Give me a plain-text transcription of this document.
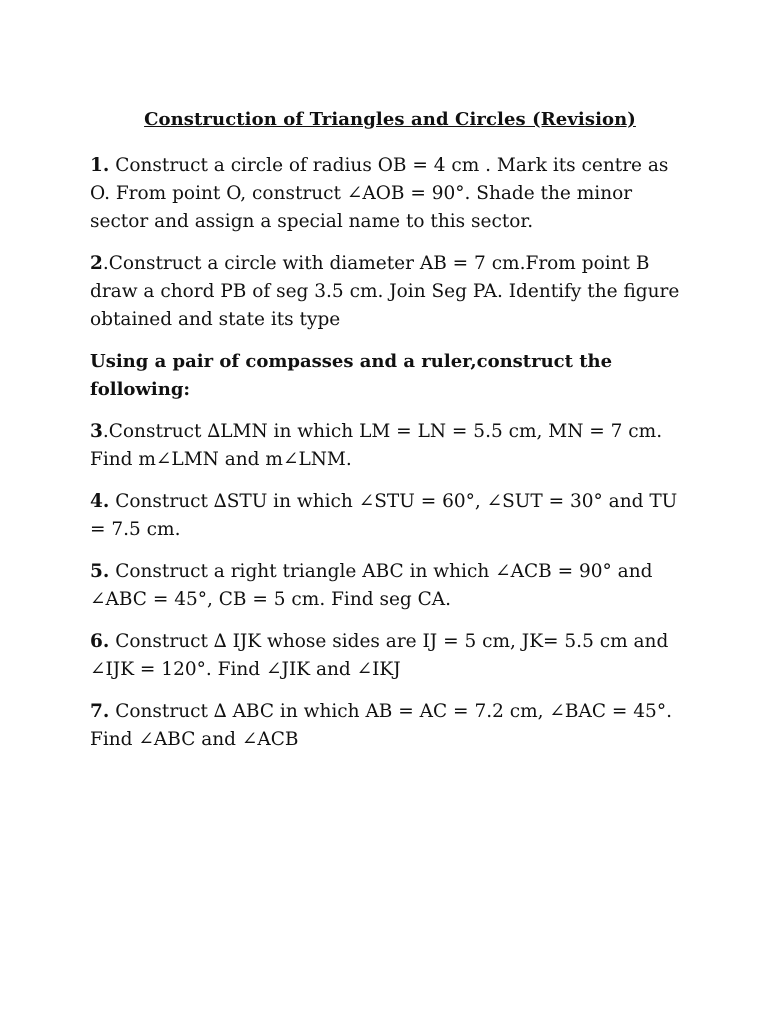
Construction of Triangles and Circles (Revision)

1. Construct a circle of radius OB = 4 cm . Mark its centre as O. From point O, construct ∠AOB = 90°. Shade the minor sector and assign a special name to this sector.

2.Construct a circle with diameter AB = 7 cm.From point B draw a chord PB of seg 3.5 cm. Join Seg PA. Identify the figure obtained and state its type

Using a pair of compasses and a ruler,construct the following:

3.Construct ∆LMN in which LM = LN = 5.5 cm, MN = 7 cm. Find m∠LMN and m∠LNM.

4. Construct ∆STU in which ∠STU = 60°, ∠SUT = 30° and TU = 7.5 cm.

5. Construct a right triangle ABC in which ∠ACB = 90° and ∠ABC = 45°, CB = 5 cm. Find seg CA.

6. Construct ∆ IJK whose sides are IJ = 5 cm, JK= 5.5 cm and ∠IJK = 120°. Find ∠JIK and ∠IKJ

7. Construct ∆ ABC in which AB = AC = 7.2 cm, ∠BAC = 45°. Find ∠ABC and ∠ACB
